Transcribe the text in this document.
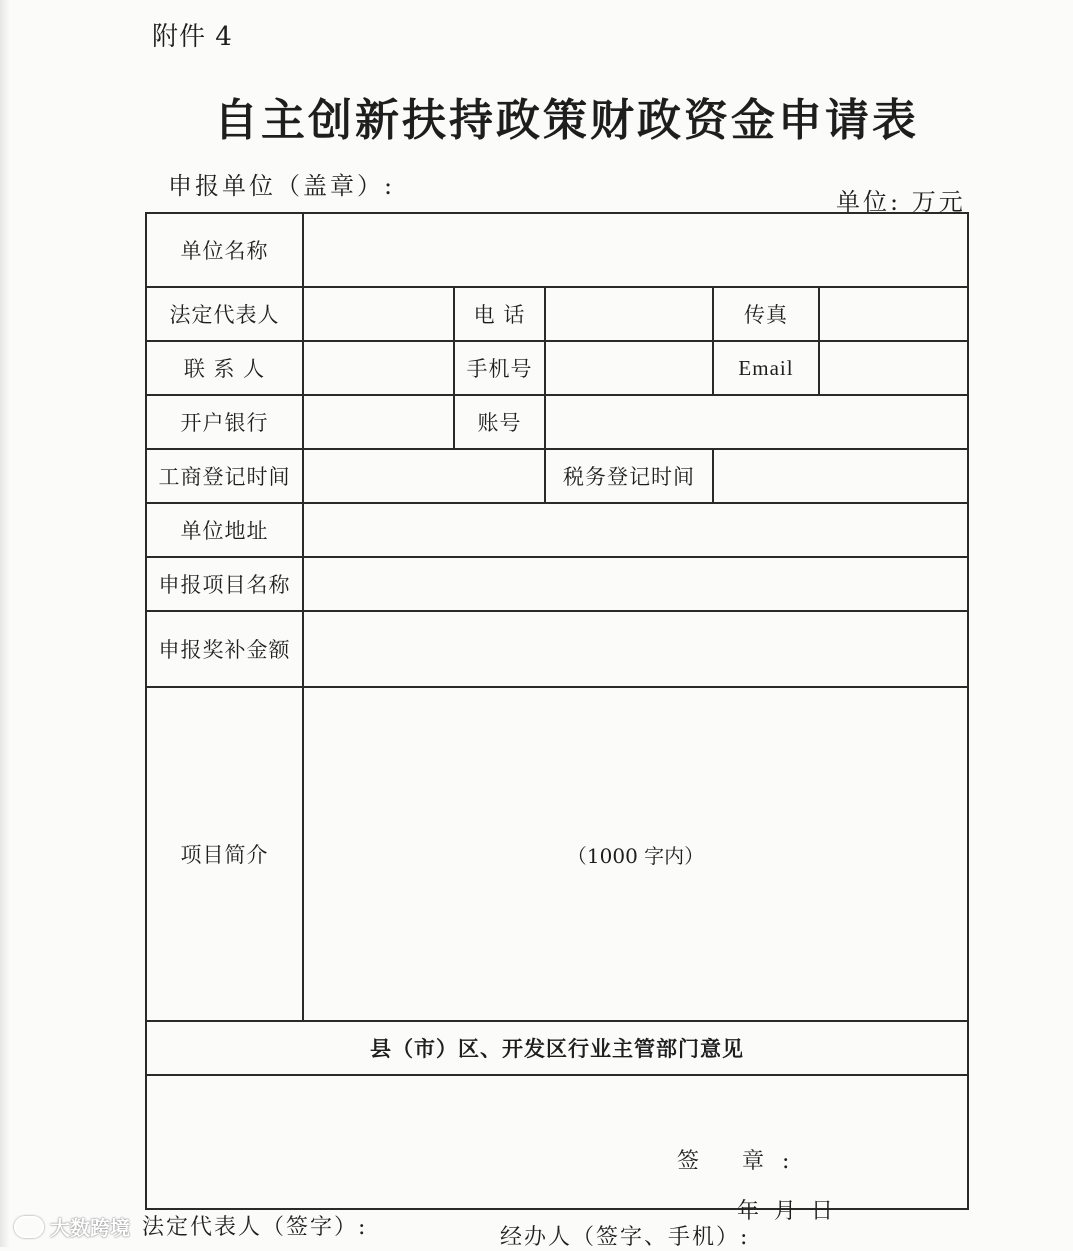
附件 4
自主创新扶持政策财政资金申请表
申报单位（盖章）:
单位: 万元
单位名称					
法定代表人		电 话		传真	
联 系 人		手机号		Email	
开户银行		账号			
工商登记时间			税务登记时间		
单位地址					
申报项目名称					
申报奖补金额					
项目简介	（1000 字内）				
县（市）区、开发区行业主管部门意见					

签 章:
年 月 日					
法定代表人（签字）:	经办人（签字、手机）:
大数跨境
